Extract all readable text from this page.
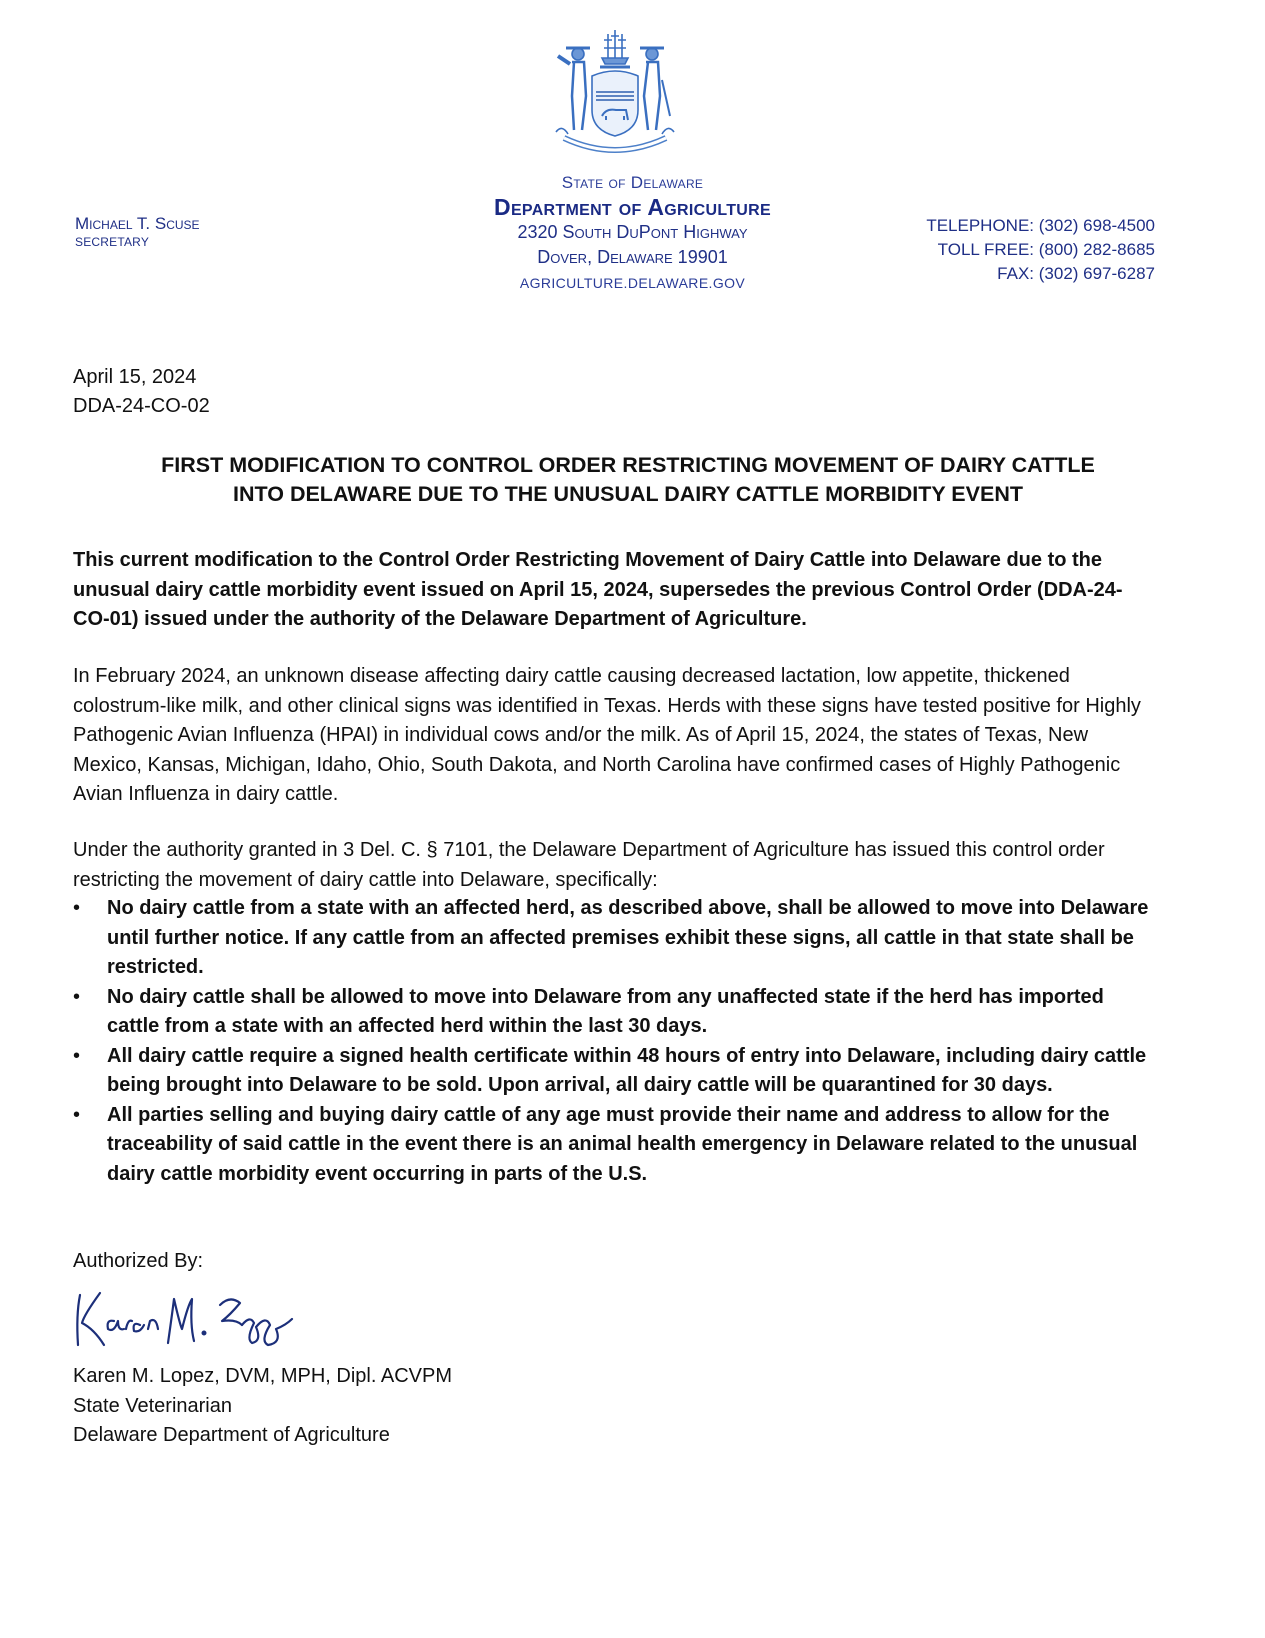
State of Delaware
Department of Agriculture
2320 South DuPont Highway
Dover, Delaware 19901
AGRICULTURE.DELAWARE.GOV
Michael T. Scuse
SECRETARY
TELEPHONE: (302) 698-4500
TOLL FREE: (800) 282-8685
FAX: (302) 697-6287
April 15, 2024
DDA-24-CO-02
FIRST MODIFICATION TO CONTROL ORDER RESTRICTING MOVEMENT OF DAIRY CATTLE
INTO DELAWARE DUE TO THE UNUSUAL DAIRY CATTLE MORBIDITY EVENT
This current modification to the Control Order Restricting Movement of Dairy Cattle into Delaware due to the unusual dairy cattle morbidity event issued on April 15, 2024, supersedes the previous Control Order (DDA-24-CO-01) issued under the authority of the Delaware Department of Agriculture.
In February 2024, an unknown disease affecting dairy cattle causing decreased lactation, low appetite, thickened colostrum-like milk, and other clinical signs was identified in Texas. Herds with these signs have tested positive for Highly Pathogenic Avian Influenza (HPAI) in individual cows and/or the milk. As of April 15, 2024, the states of Texas, New Mexico, Kansas, Michigan, Idaho, Ohio, South Dakota, and North Carolina have confirmed cases of Highly Pathogenic Avian Influenza in dairy cattle.
Under the authority granted in 3 Del. C. § 7101, the Delaware Department of Agriculture has issued this control order restricting the movement of dairy cattle into Delaware, specifically:
• No dairy cattle from a state with an affected herd, as described above, shall be allowed to move into Delaware until further notice. If any cattle from an affected premises exhibit these signs, all cattle in that state shall be restricted.
• No dairy cattle shall be allowed to move into Delaware from any unaffected state if the herd has imported cattle from a state with an affected herd within the last 30 days.
• All dairy cattle require a signed health certificate within 48 hours of entry into Delaware, including dairy cattle being brought into Delaware to be sold. Upon arrival, all dairy cattle will be quarantined for 30 days.
• All parties selling and buying dairy cattle of any age must provide their name and address to allow for the traceability of said cattle in the event there is an animal health emergency in Delaware related to the unusual dairy cattle morbidity event occurring in parts of the U.S.
Authorized By:
Karen M. Lopez, DVM, MPH, Dipl. ACVPM
State Veterinarian
Delaware Department of Agriculture
